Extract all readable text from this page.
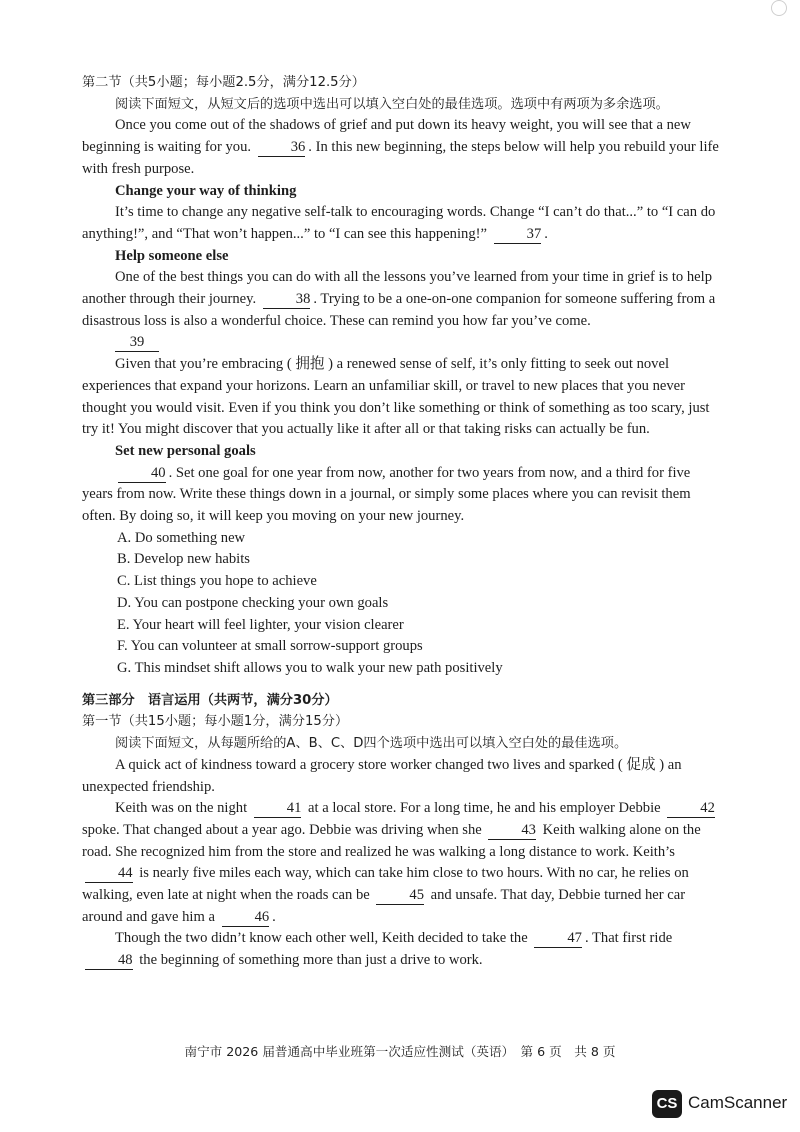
第二节（共5小题；每小题2.5分，满分12.5分）

阅读下面短文，从短文后的选项中选出可以填入空白处的最佳选项。选项中有两项为多余选项。

Once you come out of the shadows of grief and put down its heavy weight, you will see that a new beginning is waiting for you.	36 . In this new beginning, the steps below will help you rebuild your life with fresh purpose.

Change your way of thinking

It’s time to change any negative self-talk to encouraging words. Change “I can’t do that...” to “I can do anything!”, and “That won’t happen...” to “I can see this happening!”	37 .

Help someone else

One of the best things you can do with all the lessons you’ve learned from your time in grief is to help another through their journey.	38 . Trying to be a one-on-one companion for someone suffering from a disastrous loss is also a wonderful choice. These can remind you how far you’ve come.

39

Given that you’re embracing ( 拥抱 ) a renewed sense of self, it’s only fitting to seek out novel experiences that expand your horizons. Learn an unfamiliar skill, or travel to new places that you never thought you would visit. Even if you think you don’t like something or think of something as too scary, just try it! You might discover that you actually like it after all or that taking risks can actually be fun.

Set new personal goals

40 . Set one goal for one year from now, another for two years from now, and a third for five years from now. Write these things down in a journal, or simply some places where you can revisit them often. By doing so, it will keep you moving on your new journey.

A. Do something new

B. Develop new habits

C. List things you hope to achieve

D. You can postpone checking your own goals

E. Your heart will feel lighter, your vision clearer

F. You can volunteer at small sorrow-support groups

G. This mindset shift allows you to walk your new path positively

第三部分　语言运用（共两节，满分30分）

第一节（共15小题；每小题1分，满分15分）

阅读下面短文，从每题所给的A、B、C、D四个选项中选出可以填入空白处的最佳选项。

A quick act of kindness toward a grocery store worker changed two lives and sparked ( 促成 ) an unexpected friendship.

Keith was on the night	41 at a local store. For a long time, he and his employer Debbie	42 spoke. That changed about a year ago. Debbie was driving when she	43 Keith walking alone on the road. She recognized him from the store and realized he was walking a long distance to work. Keith’s 44 is nearly five miles each way, which can take him close to two hours. With no car, he relies on walking, even late at night when the roads can be	45 and unsafe. That day, Debbie turned her car around and gave him a	46 .

Though the two didn’t know each other well, Keith decided to take the	47 . That first ride 48 the beginning of something more than just a drive to work.

南宁市 2026 届普通高中毕业班第一次适应性测试（英语）　第 6 页　共 8 页
CS CamScanner
